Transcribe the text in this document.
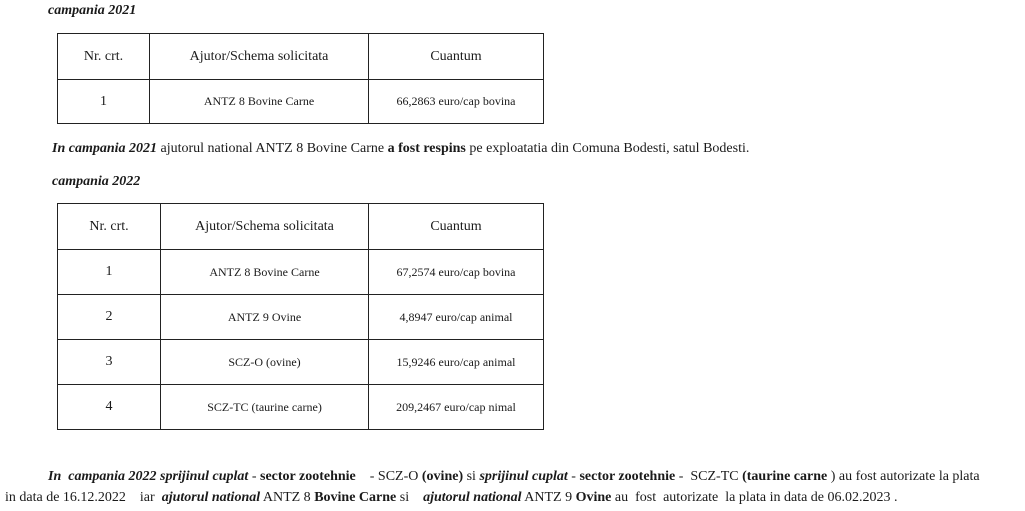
campania 2021
Nr. crt.	Ajutor/Schema solicitata	Cuantum
1	ANTZ 8 Bovine Carne	66,2863 euro/cap bovina
In campania 2021 ajutorul national ANTZ 8 Bovine Carne a fost respins pe exploatatia din Comuna Bodesti, satul Bodesti.
campania 2022
Nr. crt.	Ajutor/Schema solicitata	Cuantum
1	ANTZ 8 Bovine Carne	67,2574 euro/cap bovina
2	ANTZ 9 Ovine	4,8947 euro/cap animal
3	SCZ-O (ovine)	15,9246 euro/cap animal
4	SCZ-TC (taurine carne)	209,2467 euro/cap nimal
In  campania 2022 sprijinul cuplat - sector zootehnie    - SCZ-O (ovine) si sprijinul cuplat - sector zootehnie -  SCZ-TC (taurine carne ) au fost autorizate la plata
in data de 16.12.2022    iar  ajutorul national ANTZ 8 Bovine Carne si    ajutorul national ANTZ 9 Ovine au  fost  autorizate  la plata in data de 06.02.2023 .
